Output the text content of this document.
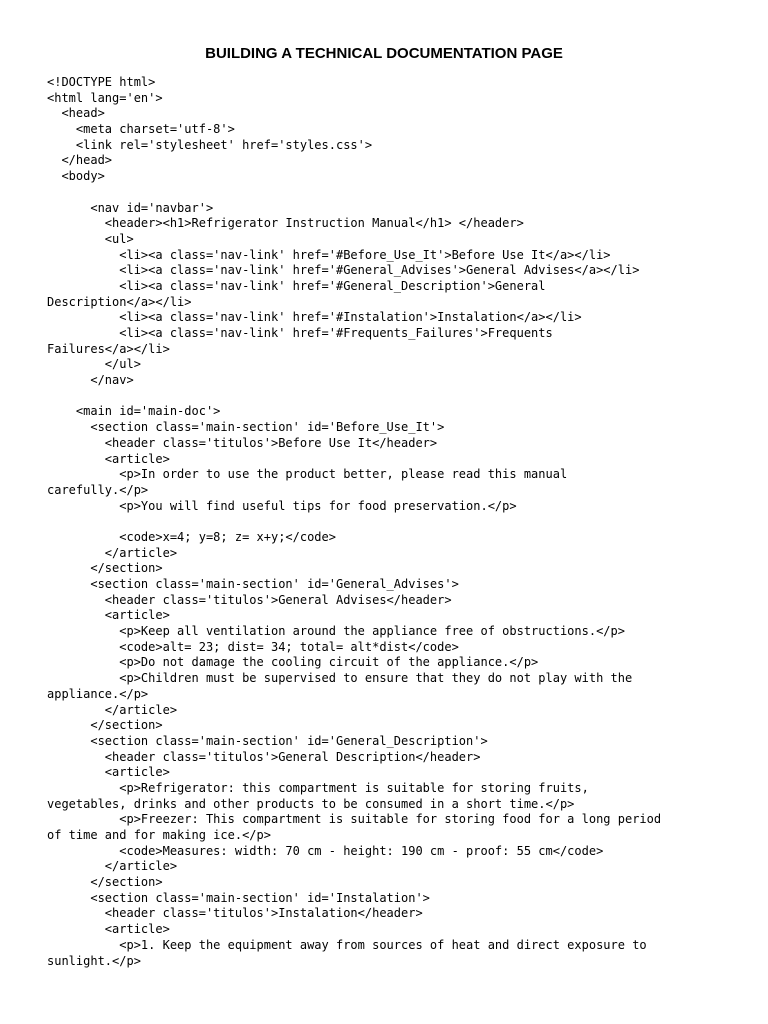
BUILDING A TECHNICAL DOCUMENTATION PAGE
<!DOCTYPE html>
<html lang='en'>
<head>
<meta charset='utf-8'>
<link rel='stylesheet' href='styles.css'>
</head>
<body>
<nav id='navbar'>
<header><h1>Refrigerator Instruction Manual</h1> </header>
<ul>
<li><a class='nav-link' href='#Before_Use_It'>Before Use It</a></li>
<li><a class='nav-link' href='#General_Advises'>General Advises</a></li>
<li><a class='nav-link' href='#General_Description'>General
Description</a></li>
<li><a class='nav-link' href='#Instalation'>Instalation</a></li>
<li><a class='nav-link' href='#Frequents_Failures'>Frequents
Failures</a></li>
</ul>
</nav>
<main id='main-doc'>
<section class='main-section' id='Before_Use_It'>
<header class='titulos'>Before Use It</header>
<article>
<p>In order to use the product better, please read this manual
carefully.</p>
<p>You will find useful tips for food preservation.</p>
<code>x=4; y=8; z= x+y;</code>
</article>
</section>
<section class='main-section' id='General_Advises'>
<header class='titulos'>General Advises</header>
<article>
<p>Keep all ventilation around the appliance free of obstructions.</p>
<code>alt= 23; dist= 34; total= alt*dist</code>
<p>Do not damage the cooling circuit of the appliance.</p>
<p>Children must be supervised to ensure that they do not play with the
appliance.</p>
</article>
</section>
<section class='main-section' id='General_Description'>
<header class='titulos'>General Description</header>
<article>
<p>Refrigerator: this compartment is suitable for storing fruits,
vegetables, drinks and other products to be consumed in a short time.</p>
<p>Freezer: This compartment is suitable for storing food for a long period
of time and for making ice.</p>
<code>Measures: width: 70 cm - height: 190 cm - proof: 55 cm</code>
</article>
</section>
<section class='main-section' id='Instalation'>
<header class='titulos'>Instalation</header>
<article>
<p>1. Keep the equipment away from sources of heat and direct exposure to
sunlight.</p>
